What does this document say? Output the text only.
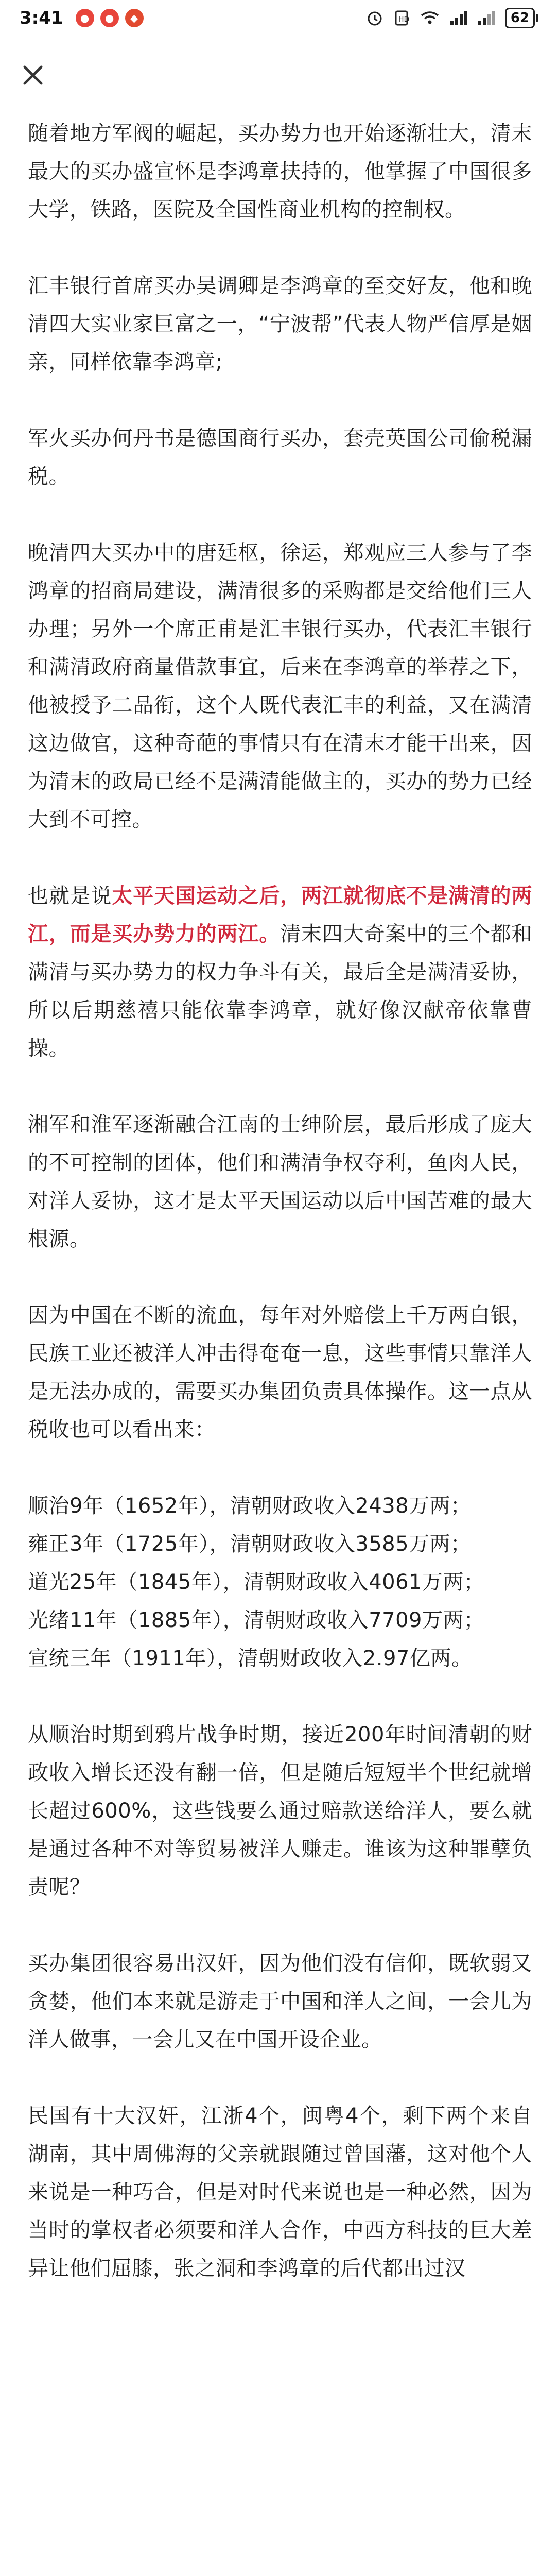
3:41	●	●	◆	HD	62

随着地方军阀的崛起，买办势力也开始逐渐壮大，清末最大的买办盛宣怀是李鸿章扶持的，他掌握了中国很多大学，铁路，医院及全国性商业机构的控制权。

汇丰银行首席买办吴调卿是李鸿章的至交好友，他和晚清四大实业家巨富之一，“宁波帮”代表人物严信厚是姻亲，同样依靠李鸿章;

军火买办何丹书是德国商行买办，套壳英国公司偷税漏税。

晚清四大买办中的唐廷枢，徐运，郑观应三人参与了李鸿章的招商局建设，满清很多的采购都是交给他们三人办理；另外一个席正甫是汇丰银行买办，代表汇丰银行和满清政府商量借款事宜，后来在李鸿章的举荐之下，他被授予二品衔，这个人既代表汇丰的利益，又在满清这边做官，这种奇葩的事情只有在清末才能干出来，因为清末的政局已经不是满清能做主的，买办的势力已经大到不可控。

也就是说太平天国运动之后，两江就彻底不是满清的两江，而是买办势力的两江。清末四大奇案中的三个都和满清与买办势力的权力争斗有关，最后全是满清妥协，所以后期慈禧只能依靠李鸿章，就好像汉献帝依靠曹操。

湘军和淮军逐渐融合江南的士绅阶层，最后形成了庞大的不可控制的团体，他们和满清争权夺利，鱼肉人民，对洋人妥协，这才是太平天国运动以后中国苦难的最大根源。

因为中国在不断的流血，每年对外赔偿上千万两白银，民族工业还被洋人冲击得奄奄一息，这些事情只靠洋人是无法办成的，需要买办集团负责具体操作。这一点从税收也可以看出来：

顺治9年（1652年），清朝财政收入2438万两；

雍正3年（1725年），清朝财政收入3585万两；

道光25年（1845年），清朝财政收入4061万两；

光绪11年（1885年），清朝财政收入7709万两；

宣统三年（1911年），清朝财政收入2.97亿两。

从顺治时期到鸦片战争时期，接近200年时间清朝的财政收入增长还没有翻一倍，但是随后短短半个世纪就增长超过600%，这些钱要么通过赔款送给洋人，要么就是通过各种不对等贸易被洋人赚走。谁该为这种罪孽负责呢？

买办集团很容易出汉奸，因为他们没有信仰，既软弱又贪婪，他们本来就是游走于中国和洋人之间，一会儿为洋人做事，一会儿又在中国开设企业。

民国有十大汉奸，江浙4个，闽粤4个，剩下两个来自湖南，其中周佛海的父亲就跟随过曾国藩，这对他个人来说是一种巧合，但是对时代来说也是一种必然，因为当时的掌权者必须要和洋人合作，中西方科技的巨大差异让他们屈膝，张之洞和李鸿章的后代都出过汉
